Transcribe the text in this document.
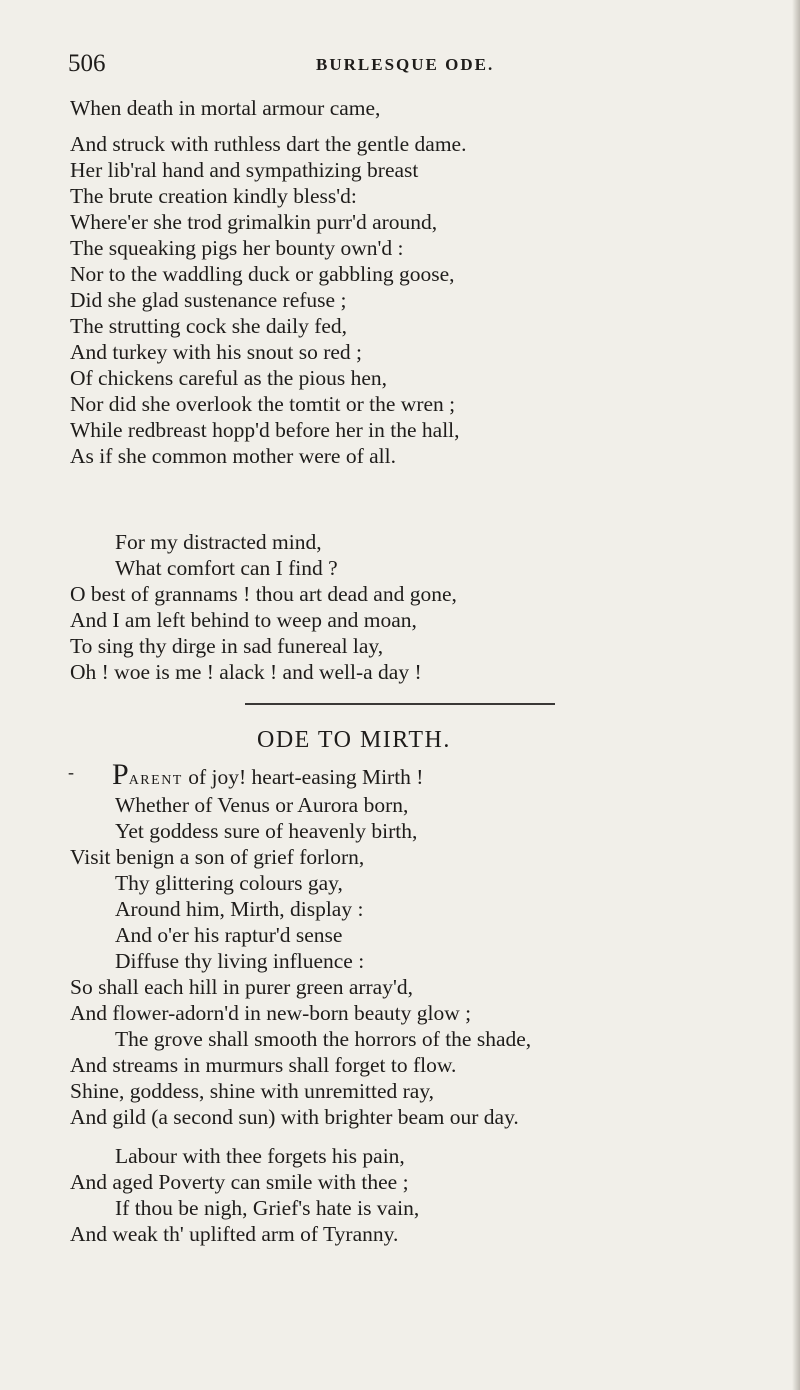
506	BURLESQUE ODE.
When death in mortal armour came,
And struck with ruthless dart the gentle dame.
Her lib'ral hand and sympathizing breast
The brute creation kindly bless'd:
Where'er she trod grimalkin purr'd around,
The squeaking pigs her bounty own'd :
Nor to the waddling duck or gabbling goose,
Did she glad sustenance refuse ;
The strutting cock she daily fed,
And turkey with his snout so red ;
Of chickens careful as the pious hen,
Nor did she overlook the tomtit or the wren ;
While redbreast hopp'd before her in the hall,
As if she common mother were of all.
For my distracted mind,
What comfort can I find ?
O best of grannams ! thou art dead and gone,
And I am left behind to weep and moan,
To sing thy dirge in sad funereal lay,
Oh ! woe is me ! alack ! and well-a day !
ODE TO MIRTH.
- PARENT of joy! heart-easing Mirth !
Whether of Venus or Aurora born,
Yet goddess sure of heavenly birth,
Visit benign a son of grief forlorn,
Thy glittering colours gay,
Around him, Mirth, display :
And o'er his raptur'd sense
Diffuse thy living influence :
So shall each hill in purer green array'd,
And flower-adorn'd in new-born beauty glow ;
The grove shall smooth the horrors of the shade,
And streams in murmurs shall forget to flow.
Shine, goddess, shine with unremitted ray,
And gild (a second sun) with brighter beam our day.
Labour with thee forgets his pain,
And aged Poverty can smile with thee ;
If thou be nigh, Grief's hate is vain,
And weak th' uplifted arm of Tyranny.
